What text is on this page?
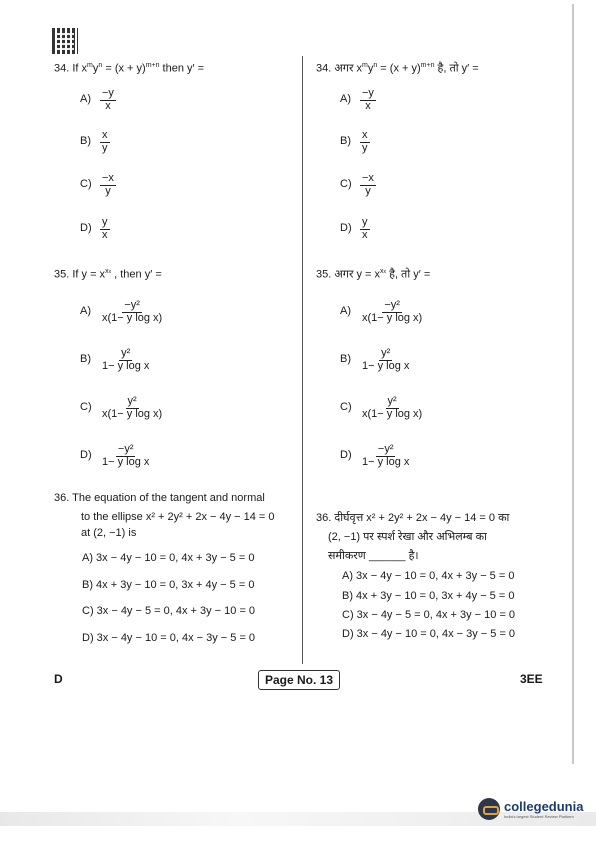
34. If $x^my^n = (x + y)^{m+n}$ then y′ =
$A) \frac{-y}{x}$
$B) \frac{x}{y}$
$C) \frac{-x}{y}$
$D) \frac{y}{x}$
35. If $y = x^{xx}$ , then y′ =
$A) \frac{\text{−y²}}{\text{x(1− y log x)}}$
$B) \frac{\text{y²}}{\text{1− y log x}}$
$C) \frac{\text{y²}}{\text{x(1− y log x)}}$
$D) \frac{\text{−y²}}{\text{1− y log x}}$
36. The equation of the tangent and normal
to the ellipse x² + 2y² + 2x − 4y − 14 = 0
at (2, −1) is
A) 3x − 4y − 10 = 0, 4x + 3y − 5 = 0
B) 4x + 3y − 10 = 0, 3x + 4y − 5 = 0
C) 3x − 4y − 5 = 0, 4x + 3y − 10 = 0
D) 3x − 4y − 10 = 0, 4x − 3y − 5 = 0
34. अगर $x^my^n = (x + y)^{m+n}$ है, तो y′ =
$A) \frac{-y}{x}$
$B) \frac{x}{y}$
$C) \frac{-x}{y}$
$D) \frac{y}{x}$
35. अगर $y = x^{xx}$ है, तो y′ =
$A) \frac{\text{−y²}}{\text{x(1− y log x)}}$
$B) \frac{\text{y²}}{\text{1− y log x}}$
$C) \frac{\text{y²}}{\text{x(1− y log x)}}$
$D) \frac{\text{−y²}}{\text{1− y log x}}$
36. दीर्घवृत्त x² + 2y² + 2x − 4y − 14 = 0 का
(2, −1) पर स्पर्श रेखा और अभिलम्ब का
समीकरण ______ है।
A) 3x − 4y − 10 = 0, 4x + 3y − 5 = 0
B) 4x + 3y − 10 = 0, 3x + 4y − 5 = 0
C) 3x − 4y − 5 = 0, 4x + 3y − 10 = 0
D) 3x − 4y − 10 = 0, 4x − 3y − 5 = 0
D	Page No. 13	3EE
collegedunia
India's largest Student Review Platform
